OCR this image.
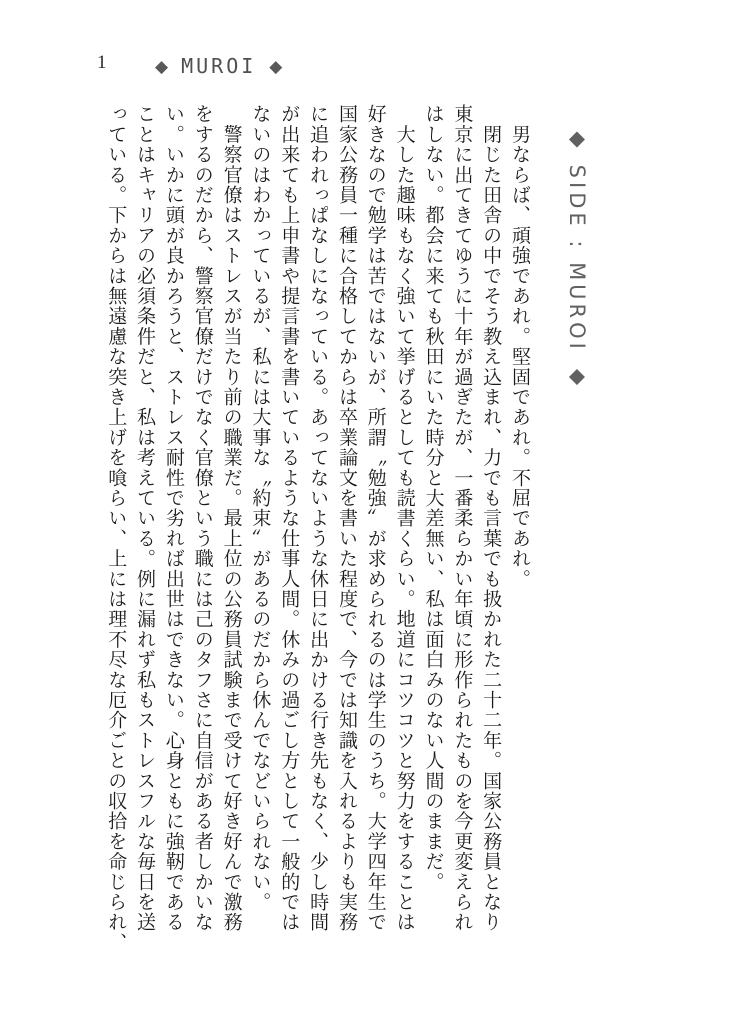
1	◆ MUROI ◆
◆ SIDE : MUROI ◆
　男ならば、頑強であれ。堅固であれ。不屈であれ。
　閉じた田舎の中でそう教え込まれ、力でも言葉でも扱かれた二十二年。国家公務員となり
東京に出てきてゆうに十年が過ぎたが、一番柔らかい年頃に形作られたものを今更変えられ
はしない。都会に来ても秋田にいた時分と大差無い、私は面白みのない人間のままだ。
　大した趣味もなく強いて挙げるとしても読書くらい。地道にコツコツと努力をすることは
好きなので勉学は苦ではないが、所謂〝勉強〟が求められるのは学生のうち。大学四年生で
国家公務員一種に合格してからは卒業論文を書いた程度で、今では知識を入れるよりも実務
に追われっぱなしになっている。あってないような休日に出かける行き先もなく、少し時間
が出来ても上申書や提言書を書いているような仕事人間。休みの過ごし方として一般的では
ないのはわかっているが、私には大事な〝約束〟があるのだから休んでなどいられない。
　警察官僚はストレスが当たり前の職業だ。最上位の公務員試験まで受けて好き好んで激務
をするのだから、警察官僚だけでなく官僚という職には己のタフさに自信がある者しかいな
い。いかに頭が良かろうと、ストレス耐性で劣れば出世はできない。心身ともに強靭である
ことはキャリアの必須条件だと、私は考えている。例に漏れず私もストレスフルな毎日を送
っている。下からは無遠慮な突き上げを喰らい、上には理不尽な厄介ごとの収拾を命じられ、
